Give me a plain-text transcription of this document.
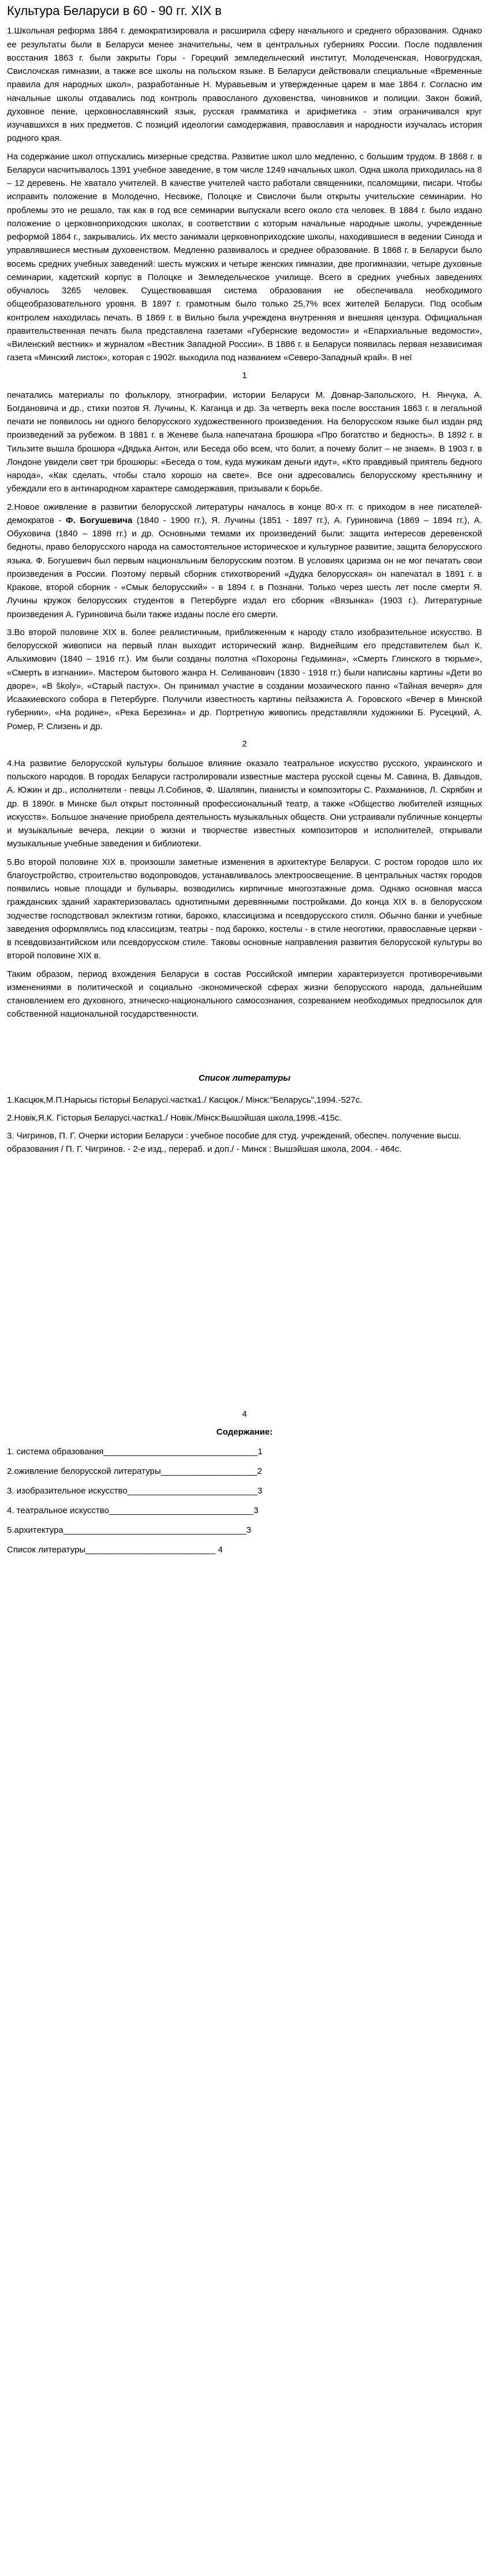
Культура Беларуси в 60 - 90 гг. XIX в

1.Школьная реформа 1864 г. демократизировала и расширила сферу начального и среднего образования. Однако ее результаты были в Беларуси менее значительны, чем в центральных губерниях России. После подавления восстания 1863 г. были закрыты Горы - Горецкий земледельческий институт, Молодеченская, Новогрудская, Свислочская гимназии, а также все школы на польском языке. В Беларуси действовали специальные «Временные правила для народных школ», разработанные Н. Муравьевым и утвержденные царем в мае 1864 г. Согласно им начальные школы отдавались под контроль правосланого духовенства, чиновников и полиции. Закон божий, духовное пение, церковнославянский язык, русская грамматика и арифметика - этим ограничивался круг изучавшихся в них предметов. С позиций идеологии самодержавия, православия и народности изучалась история родного края.

На содержание школ отпускались мизерные средства. Развитие школ шло медленно, с большим трудом. В 1868 г. в Беларуси насчитывалось 1391 учебное заведение, в том числе 1249 начальных школ. Одна школа приходилась на 8 – 12 деревень. Не хватало учителей. В качестве учителей часто работали священники, псаломщики, писари. Чтобы исправить положение в Молодечно, Несвиже, Полоцке и Свислочи были открыты учительские семинарии. Но проблемы это не решало, так как в год все семинарии выпускали всего около ста человек. В 1884 г. было издано положение о церковноприходских школах, в соответствии с которым начальные народные школы, учрежденные реформой 1864 г., закрывались. Их место занимали церковноприходские школы, находившиеся в ведении Синода и управлявшиеся местным духовенством. Медленно развивалось и среднее образование. В 1868 г. в Беларуси было восемь средних учебных заведений: шесть мужских и четыре женских гимназии, две прогимназии, четыре духовные семинарии, кадетский корпус в Полоцке и Земледельческое училище. Всего в средних учебных заведениях обучалось 3265 человек. Существовавшая система образования не обеспечивала необходимого общеобразовательного уровня. В 1897 г. грамотным было только 25,7% всех жителей Беларуси. Под особым контролем находилась печать. В 1869 г. в Вильно была учреждена внутренняя и внешняя цензура. Официальная правительственная печать была представлена газетами «Губернские ведомости» и «Епархиальные ведомости», «Виленский вестник» и журналом «Вестник Западной России». В 1886 г. в Беларуси появилась первая независимая газета «Минский листок», которая с 1902г. выходила под названием «Северо-Западный край». В неї

1

печатались материалы по фольклору, этнографии, истории Беларуси М. Довнар-Запольского, Н. Янчука, А. Богдановича и др., стихи поэтов Я. Лучины, К. Каганца и др. За четверть века после восстания 1863 г. в легальной печати не появилось ни одного белорусского художественного произведения. На белорусском языке был издан ряд произведений за рубежом. В 1881 г. в Женеве была напечатана брошюра «Про богатство и бедность». В 1892 г. в Тильзите вышла брошюра «Дядька Антон, или Беседа обо всем, что болит, а почему болит – не знаем». В 1903 г. в Лондоне увидели свет три брошюры: «Беседа о том, куда мужикам деньги идут», «Кто правдивый приятель бедного народа», «Как сделать, чтобы стало хорошо на свете». Все они адресовались белорусскому крестьянину и убеждали его в антинародном характере самодержавия, призывали к борьбе.

2.Новое оживление в развитии белорусской литературы началось в конце 80-х гг. с приходом в нее писателей-демократов - Ф. Богушевича (1840 - 1900 гг.), Я. Лучины (1851 - 1897 гг.), А. Гуриновича (1869 – 1894 гг.), А. Обуховича (1840 – 1898 гг.) и др. Основными темами их произведений были: защита интересов деревенской бедноты, право белорусского народа на самостоятельное историческое и культурное развитие, защита белорусского языка. Ф. Богушевич был первым национальным белорусским поэтом. В условиях царизма он не мог печатать свои произведения в России. Поэтому первый сборник стихотворений «Дудка белорусская» он напечатал в 1891 г. в Кракове, второй сборник - «Смык белорусский» - в 1894 г. в Познани. Только через шесть лет после смерти Я. Лучины кружок белорусских студентов в Петербурге издал его сборник «Вязынка» (1903 г.). Литературные произведения А. Гуриновича были также изданы после его смерти.

3.Во второй половине XIX в. более реалистичным, приближенным к народу стало изобразительное искусство. В белорусской живописи на первый план выходит исторический жанр. Виднейшим его представителем был К. Альхимович (1840 – 1916 гг.). Им были созданы полотна «Похороны Гедымина», «Смерть Глинского в тюрьме», «Смерть в изгнании». Мастером бытового жанра Н. Селиванович (1830 - 1918 гг.) были написаны картины «Дети во дворе», «В školу», «Старый пастух». Он принимал участие в создании мозаического панно «Тайная вечеря» для Исаакиевского собора в Петербурге. Получили известность картины пейзажиста А. Горовского «Вечер в Минской губернии», «На родине», «Река Березина» и др. Портретную живопись представляли художники Б. Русецкий, А. Ромер, Р. Слизень и др.

2

4.На развитие белорусской культуры большое влияние оказало театральное искусство русского, украинского и польского народов. В городах Беларуси гастролировали известные мастера русской сцены М. Савина, В. Давыдов, А. Южин и др., исполнители - певцы Л.Собинов, Ф. Шаляпин, пианисты и композиторы С. Рахманинов, Л. Скрябин и др. В 1890г. в Минске был открыт постоянный профессиональный театр, а также «Общество любителей изящных искусств». Большое значение приобрела деятельность музыкальных обществ. Они устраивали публичные концерты и музыкальные вечера, лекции о жизни и творчестве известных композиторов и исполнителей, открывали музыкальные учебные заведения и библиотеки.

5.Во второй половине XIX в. произошли заметные изменения в архитектуре Беларуси. С ростом городов шло их благоустройство, строительство водопроводов, устанавливалось электроосвещение. В центральных частях городов появились новые площади и бульвары, возводились кирпичные многоэтажные дома. Однако основная масса гражданских зданий характеризовалась однотипными деревянными постройками. До конца XIX в. в белорусском зодчестве господствовал эклектизм готики, барокко, классицизма и псевдорусского стиля. Обычно банки и учебные заведения оформлялись под классицизм, театры - под барокко, костелы - в стиле неоготики, православные церкви - в псевдовизантийском или псевдорусском стиле. Таковы основные направления развития белорусской культуры во второй половине XIX в.

Таким образом, период вхождения Беларуси в состав Российской империи характеризуется противоречивыми изменениями в политической и социально -экономической сферах жизни белорусского народа, дальнейшим становлением его духовного, этническо-национального самосознания, созреванием необходимых предпосылок для собственной национальной государственности.

Список литературы
1.Касцюк,М.П.Нарысы гісторыі Беларусі.частка1./ Касцюк./ Мінск:"Беларусь",1994.-527с.
2.Новік,Я.К. Гісторыя Беларусі.частка1./ Новік./Мінск:Вышэйшая школа,1998.-415с.
3. Чигринов, П. Г. Очерки истории Беларуси : учебное пособие для студ. учреждений, обеспеч. получение высш. образования / П. Г. Чигринов. - 2-е изд., перераб. и доп./ - Минск : Вышэйшая школа, 2004. - 464с.
4
Содержание:
1. система образования________________________________1
2.оживление белорусской литературы____________________2
3. изобразительное искусство___________________________3
4. театральное искусство______________________________3
5.архитектура______________________________________3
Список литературы___________________________ 4
